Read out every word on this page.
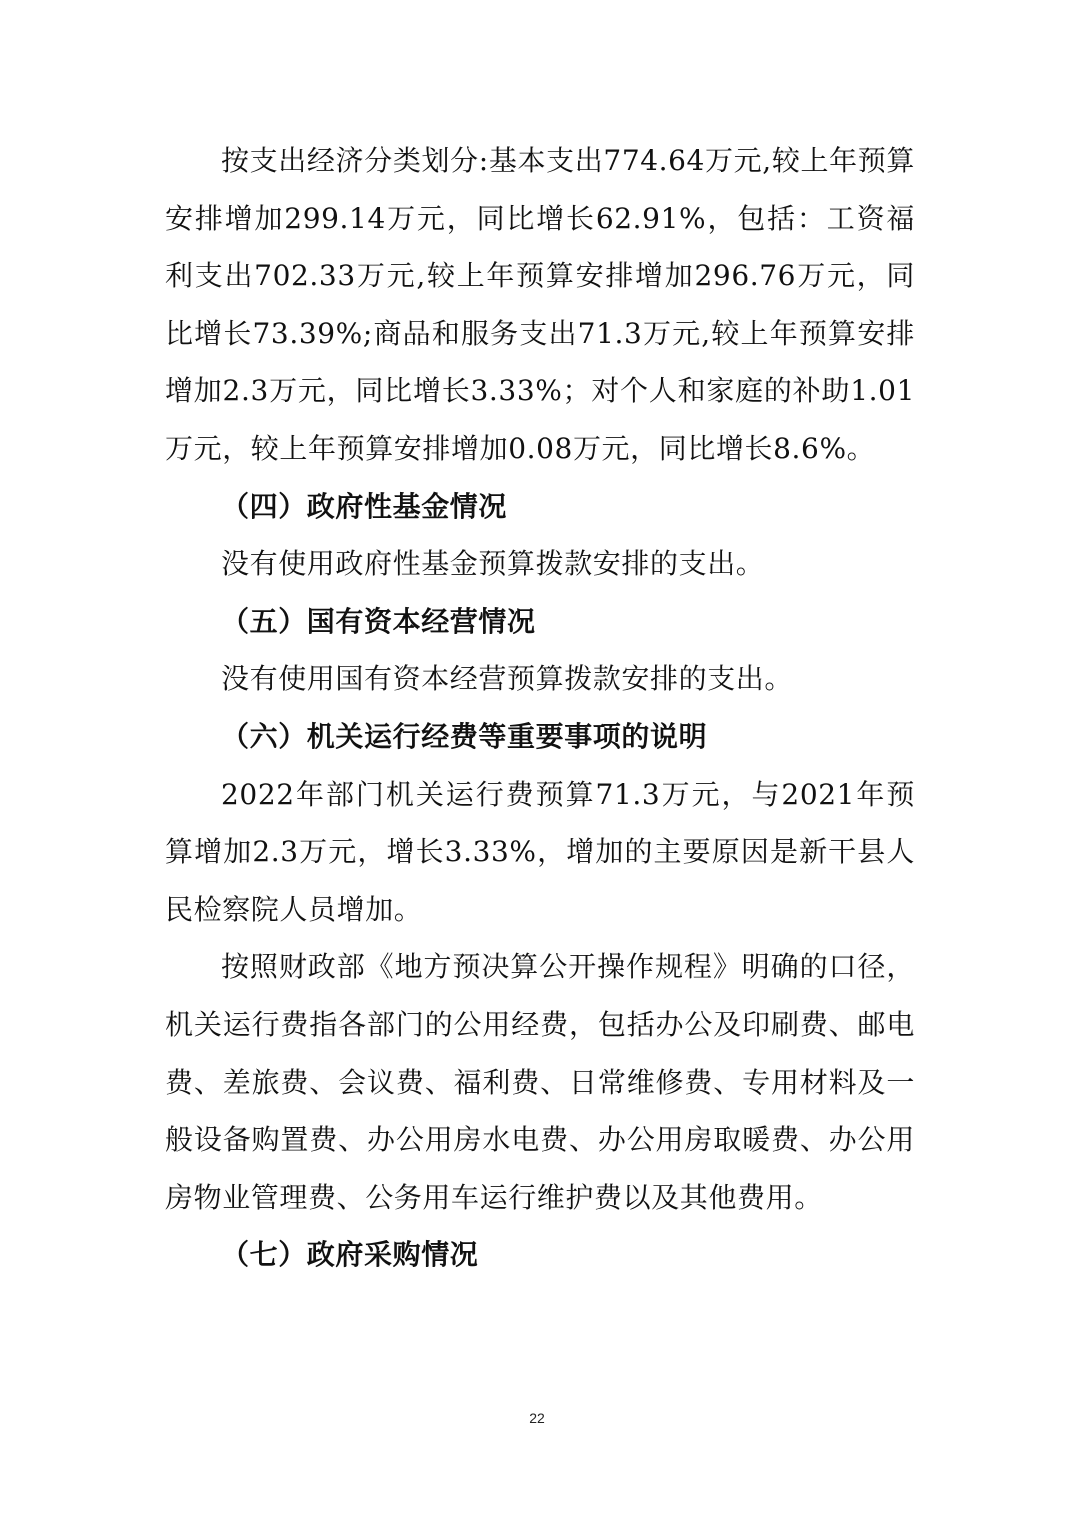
按支出经济分类划分:基本支出774.64万元,较上年预算安排增加299.14万元，同比增长62.91%，包括：工资福利支出702.33万元,较上年预算安排增加296.76万元，同比增长73.39%;商品和服务支出71.3万元,较上年预算安排增加2.3万元，同比增长3.33%；对个人和家庭的补助1.01万元，较上年预算安排增加0.08万元，同比增长8.6%。

（四）政府性基金情况

没有使用政府性基金预算拨款安排的支出。

（五）国有资本经营情况

没有使用国有资本经营预算拨款安排的支出。

（六）机关运行经费等重要事项的说明

2022年部门机关运行费预算71.3万元，与2021年预算增加2.3万元，增长3.33%，增加的主要原因是新干县人民检察院人员增加。

按照财政部《地方预决算公开操作规程》明确的口径，机关运行费指各部门的公用经费，包括办公及印刷费、邮电费、差旅费、会议费、福利费、日常维修费、专用材料及一般设备购置费、办公用房水电费、办公用房取暖费、办公用房物业管理费、公务用车运行维护费以及其他费用。

（七）政府采购情况

22
